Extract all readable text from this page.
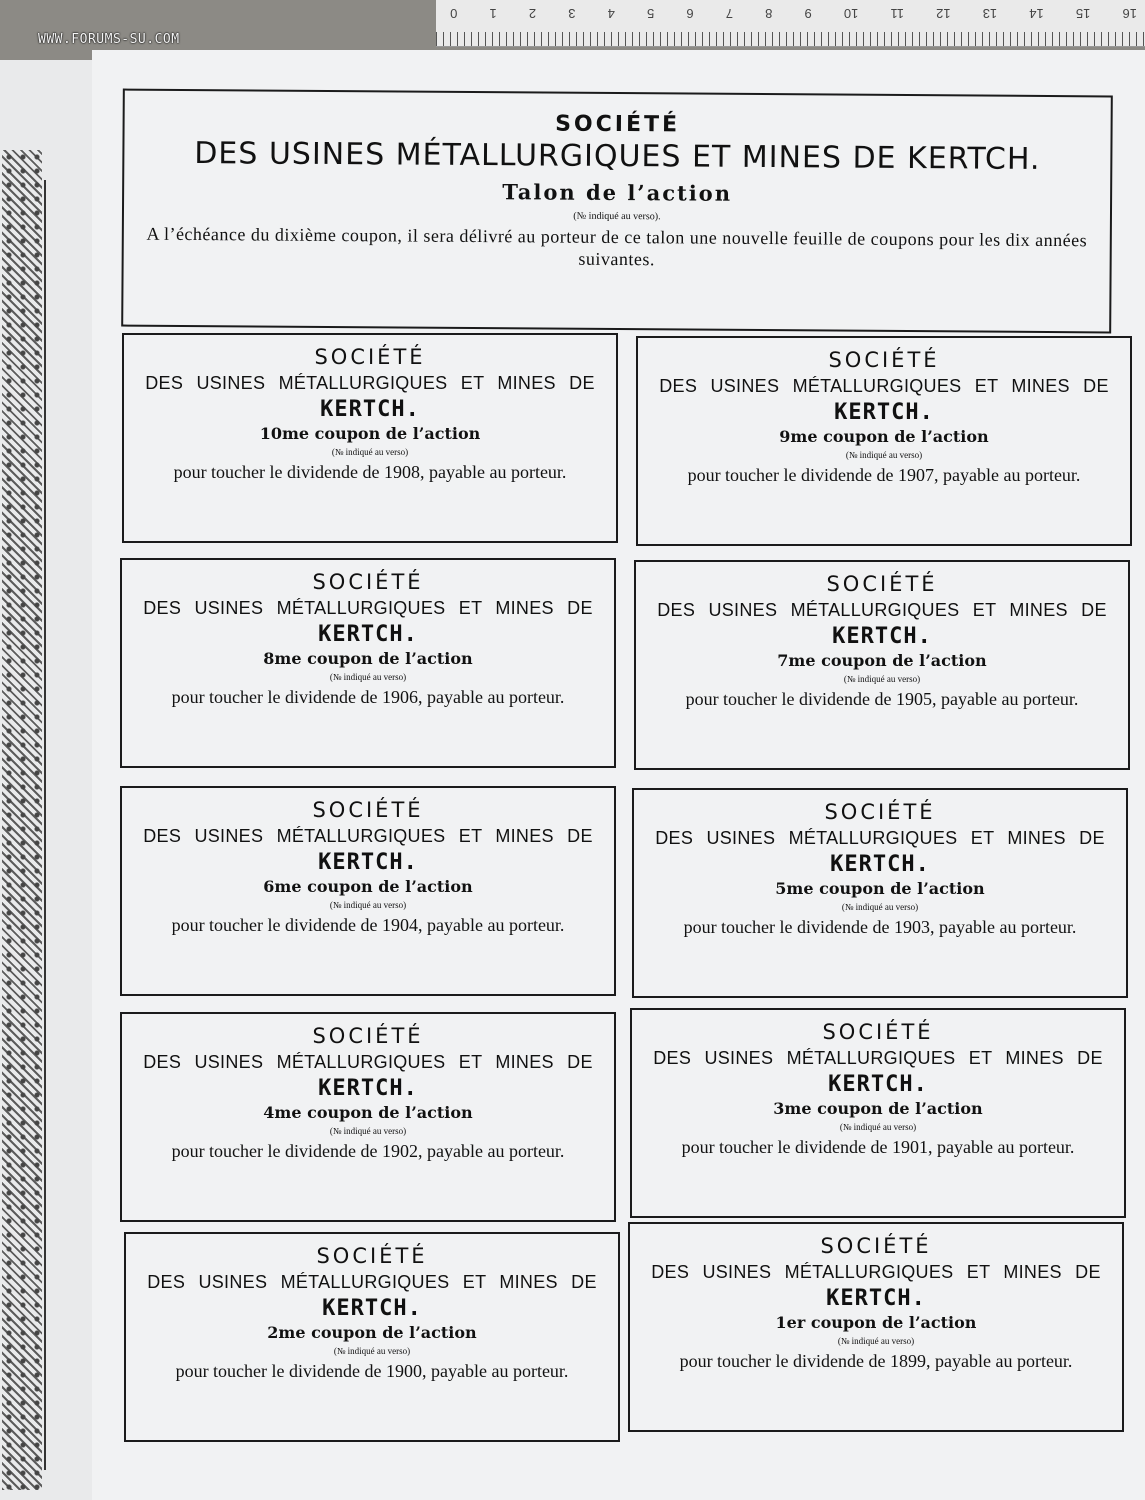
16
15
14
13
12
11
10
9
8
7
6
5
4
3
2
1
0
WWW.FORUMS-SU.COM
SOCIÉTÉ
DES USINES MÉTALLURGIQUES ET MINES DE KERTCH.
Talon de l’action
(№ indiqué au verso).
A l’échéance du dixième coupon, il sera délivré au porteur de ce talon une nouvelle feuille de coupons pour les dix années suivantes.
SOCIÉTÉ
DES USINES MÉTALLURGIQUES ET MINES DE
KERTCH.
10me coupon de l’action
(№ indiqué au verso)
pour toucher le dividende de 1908, payable au porteur.
SOCIÉTÉ
DES USINES MÉTALLURGIQUES ET MINES DE
KERTCH.
9me coupon de l’action
(№ indiqué au verso)
pour toucher le dividende de 1907, payable au porteur.
SOCIÉTÉ
DES USINES MÉTALLURGIQUES ET MINES DE
KERTCH.
8me coupon de l’action
(№ indiqué au verso)
pour toucher le dividende de 1906, payable au porteur.
SOCIÉTÉ
DES USINES MÉTALLURGIQUES ET MINES DE
KERTCH.
7me coupon de l’action
(№ indiqué au verso)
pour toucher le dividende de 1905, payable au porteur.
SOCIÉTÉ
DES USINES MÉTALLURGIQUES ET MINES DE
KERTCH.
6me coupon de l’action
(№ indiqué au verso)
pour toucher le dividende de 1904, payable au porteur.
SOCIÉTÉ
DES USINES MÉTALLURGIQUES ET MINES DE
KERTCH.
5me coupon de l’action
(№ indiqué au verso)
pour toucher le dividende de 1903, payable au porteur.
SOCIÉTÉ
DES USINES MÉTALLURGIQUES ET MINES DE
KERTCH.
4me coupon de l’action
(№ indiqué au verso)
pour toucher le dividende de 1902, payable au porteur.
SOCIÉTÉ
DES USINES MÉTALLURGIQUES ET MINES DE
KERTCH.
3me coupon de l’action
(№ indiqué au verso)
pour toucher le dividende de 1901, payable au porteur.
SOCIÉTÉ
DES USINES MÉTALLURGIQUES ET MINES DE
KERTCH.
2me coupon de l’action
(№ indiqué au verso)
pour toucher le dividende de 1900, payable au porteur.
SOCIÉTÉ
DES USINES MÉTALLURGIQUES ET MINES DE
KERTCH.
1er coupon de l’action
(№ indiqué au verso)
pour toucher le dividende de 1899, payable au porteur.
